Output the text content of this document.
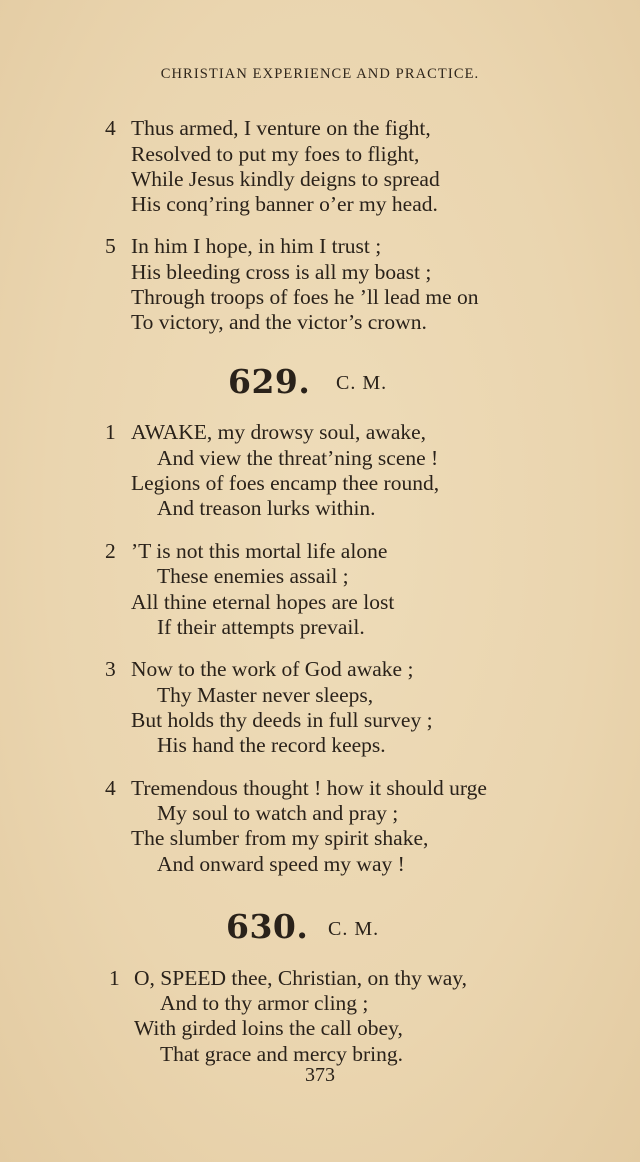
CHRISTIAN EXPERIENCE AND PRACTICE.
4 Thus armed, I venture on the fight,
Resolved to put my foes to flight,
While Jesus kindly deigns to spread
His conq’ring banner o’er my head.
5 In him I hope, in him I trust ;
His bleeding cross is all my boast ;
Through troops of foes he ’ll lead me on
To victory, and the victor’s crown.
629. C. M.
1 AWAKE, my drowsy soul, awake,
And view the threat’ning scene !
Legions of foes encamp thee round,
And treason lurks within.
2 ’T is not this mortal life alone
These enemies assail ;
All thine eternal hopes are lost
If their attempts prevail.
3 Now to the work of God awake ;
Thy Master never sleeps,
But holds thy deeds in full survey ;
His hand the record keeps.
4 Tremendous thought ! how it should urge
My soul to watch and pray ;
The slumber from my spirit shake,
And onward speed my way !
630. C. M.
1 O, SPEED thee, Christian, on thy way,
And to thy armor cling ;
With girded loins the call obey,
That grace and mercy bring.
373
